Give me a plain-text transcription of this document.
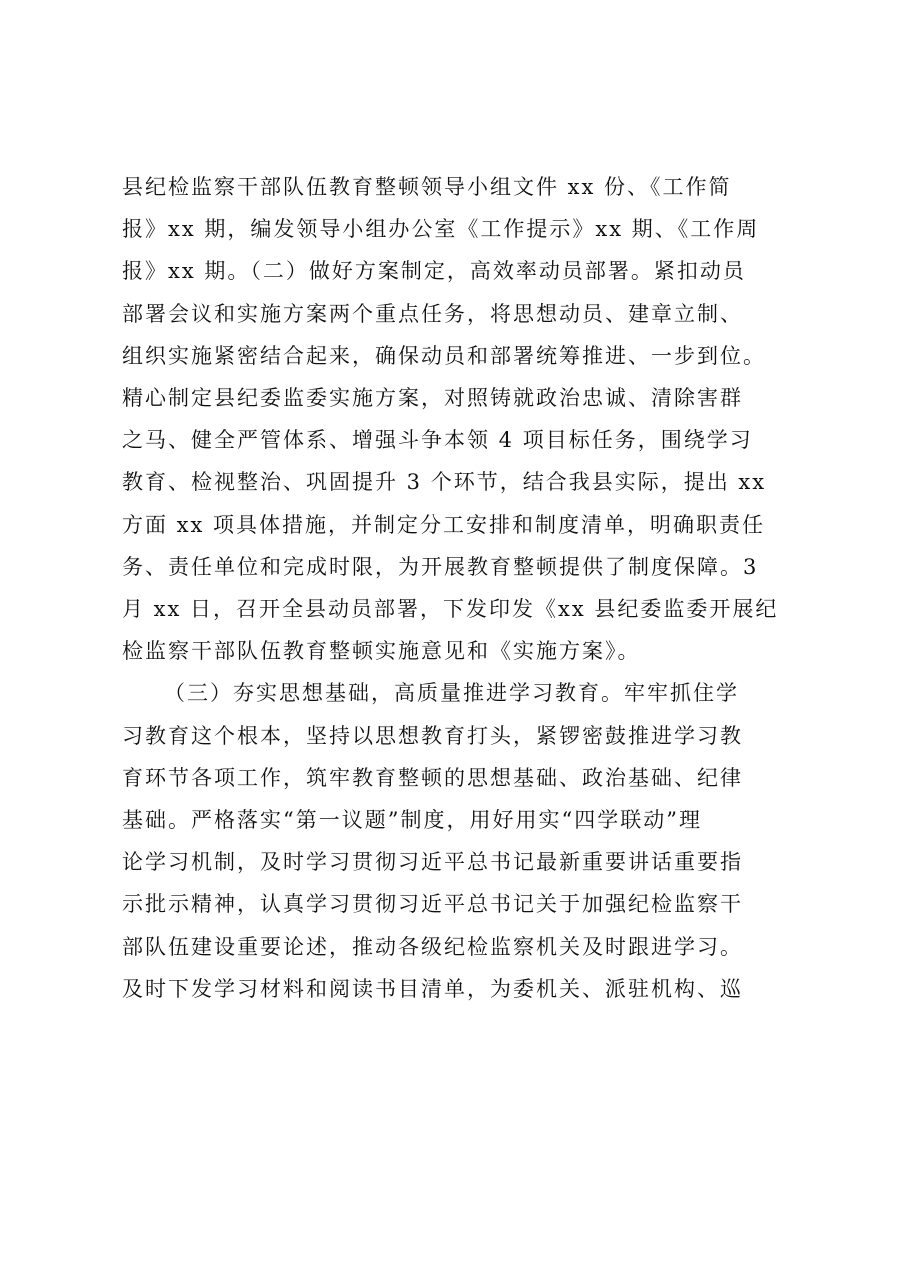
县纪检监察干部队伍教育整顿领导小组文件 xx 份、《工作简
报》xx 期，编发领导小组办公室《工作提示》xx 期、《工作周
报》xx 期。（二）做好方案制定，高效率动员部署。紧扣动员
部署会议和实施方案两个重点任务，将思想动员、建章立制、
组织实施紧密结合起来，确保动员和部署统筹推进、一步到位。
精心制定县纪委监委实施方案，对照铸就政治忠诚、清除害群
之马、健全严管体系、增强斗争本领 4 项目标任务，围绕学习
教育、检视整治、巩固提升 3 个环节，结合我县实际，提出 xx
方面 xx 项具体措施，并制定分工安排和制度清单，明确职责任
务、责任单位和完成时限，为开展教育整顿提供了制度保障。3
月 xx 日，召开全县动员部署，下发印发《xx 县纪委监委开展纪
检监察干部队伍教育整顿实施意见和《实施方案》。
（三）夯实思想基础，高质量推进学习教育。牢牢抓住学
习教育这个根本，坚持以思想教育打头，紧锣密鼓推进学习教
育环节各项工作，筑牢教育整顿的思想基础、政治基础、纪律
基础。严格落实“第一议题”制度，用好用实“四学联动”理
论学习机制，及时学习贯彻习近平总书记最新重要讲话重要指
示批示精神，认真学习贯彻习近平总书记关于加强纪检监察干
部队伍建设重要论述，推动各级纪检监察机关及时跟进学习。
及时下发学习材料和阅读书目清单，为委机关、派驻机构、巡
